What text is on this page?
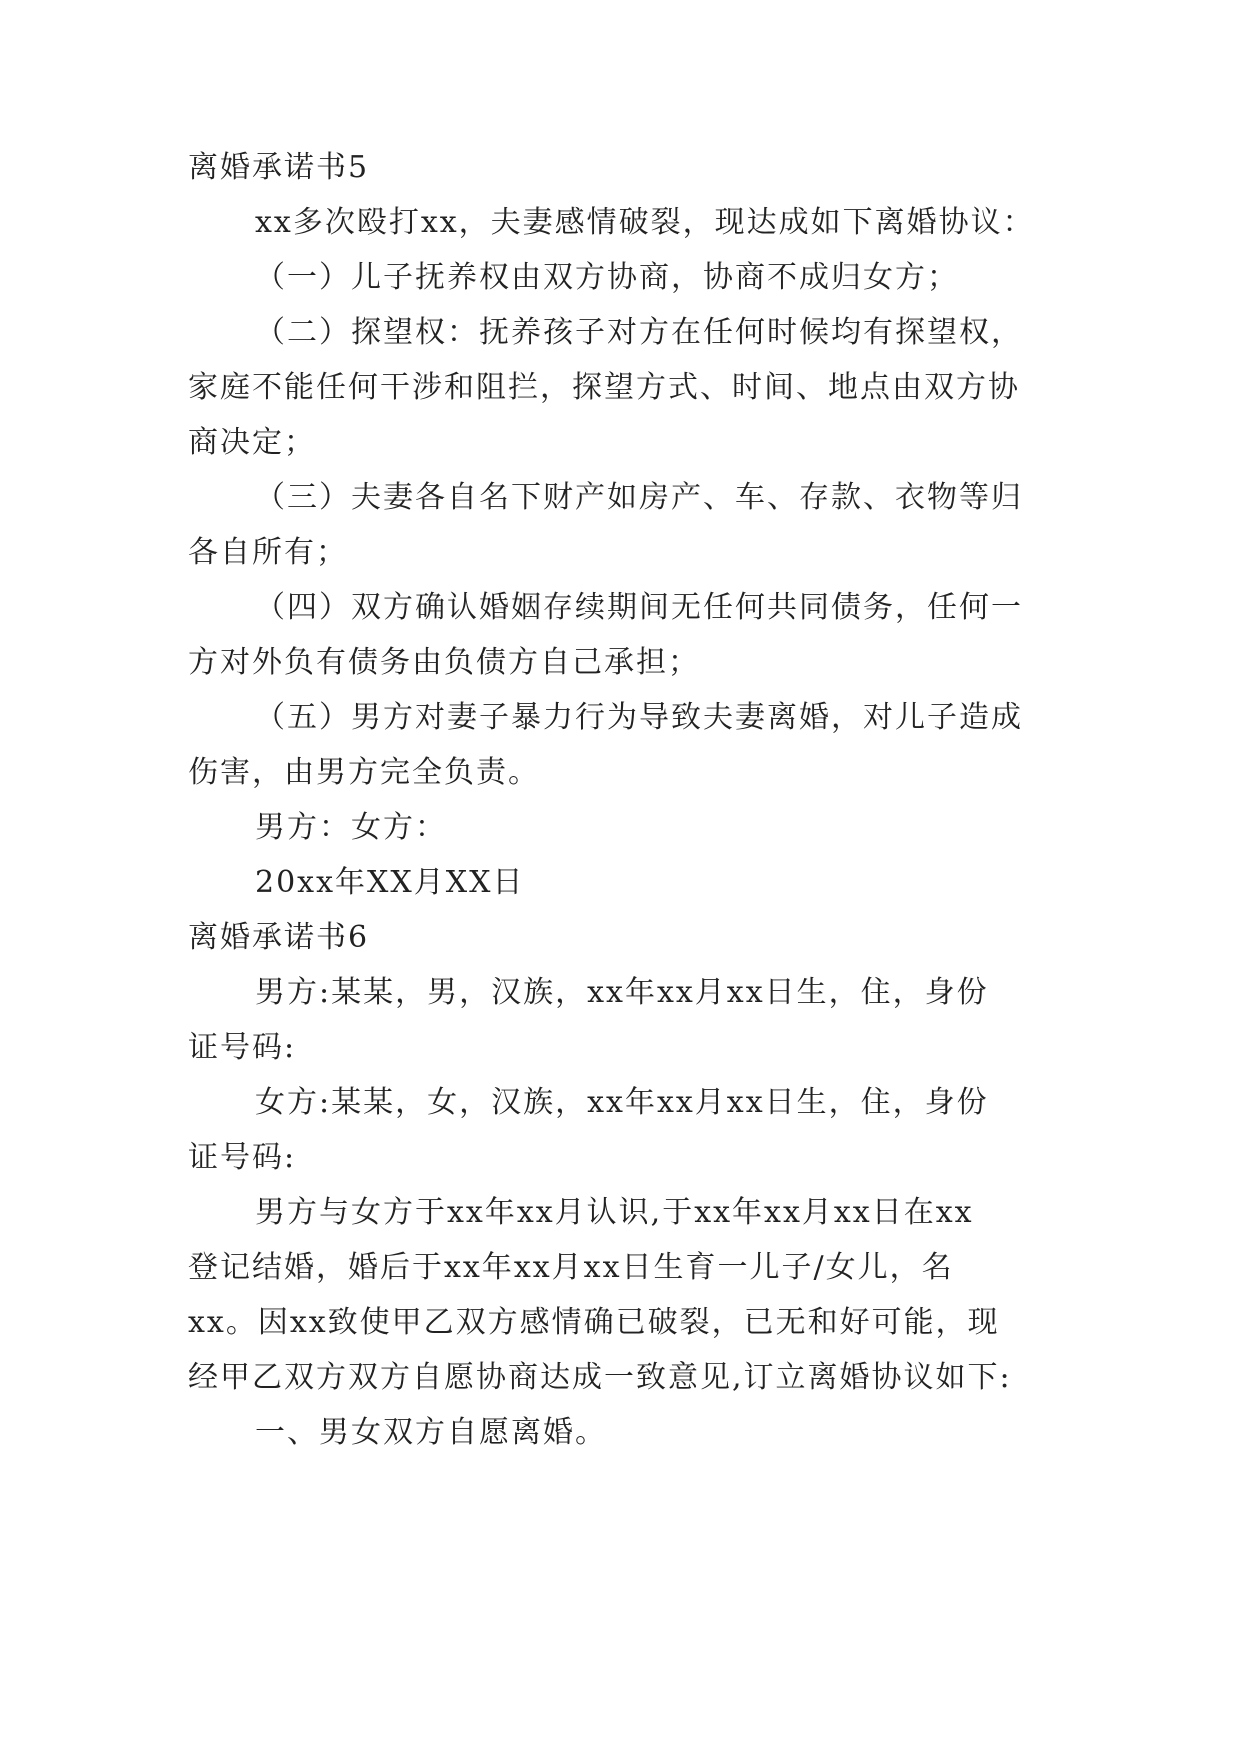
离婚承诺书5
xx多次殴打xx，夫妻感情破裂，现达成如下离婚协议：
（一）儿子抚养权由双方协商，协商不成归女方；
（二）探望权：抚养孩子对方在任何时候均有探望权，
家庭不能任何干涉和阻拦，探望方式、时间、地点由双方协
商决定；
（三）夫妻各自名下财产如房产、车、存款、衣物等归
各自所有；
（四）双方确认婚姻存续期间无任何共同债务，任何一
方对外负有债务由负债方自己承担；
（五）男方对妻子暴力行为导致夫妻离婚，对儿子造成
伤害，由男方完全负责。
男方：女方：
20xx年XX月XX日
离婚承诺书6
男方:某某，男，汉族，xx年xx月xx日生，住，身份
证号码:
女方:某某，女，汉族，xx年xx月xx日生，住，身份
证号码:
男方与女方于xx年xx月认识,于xx年xx月xx日在xx
登记结婚，婚后于xx年xx月xx日生育一儿子/女儿，名
xx。因xx致使甲乙双方感情确已破裂，已无和好可能，现
经甲乙双方双方自愿协商达成一致意见,订立离婚协议如下:
一、男女双方自愿离婚。
